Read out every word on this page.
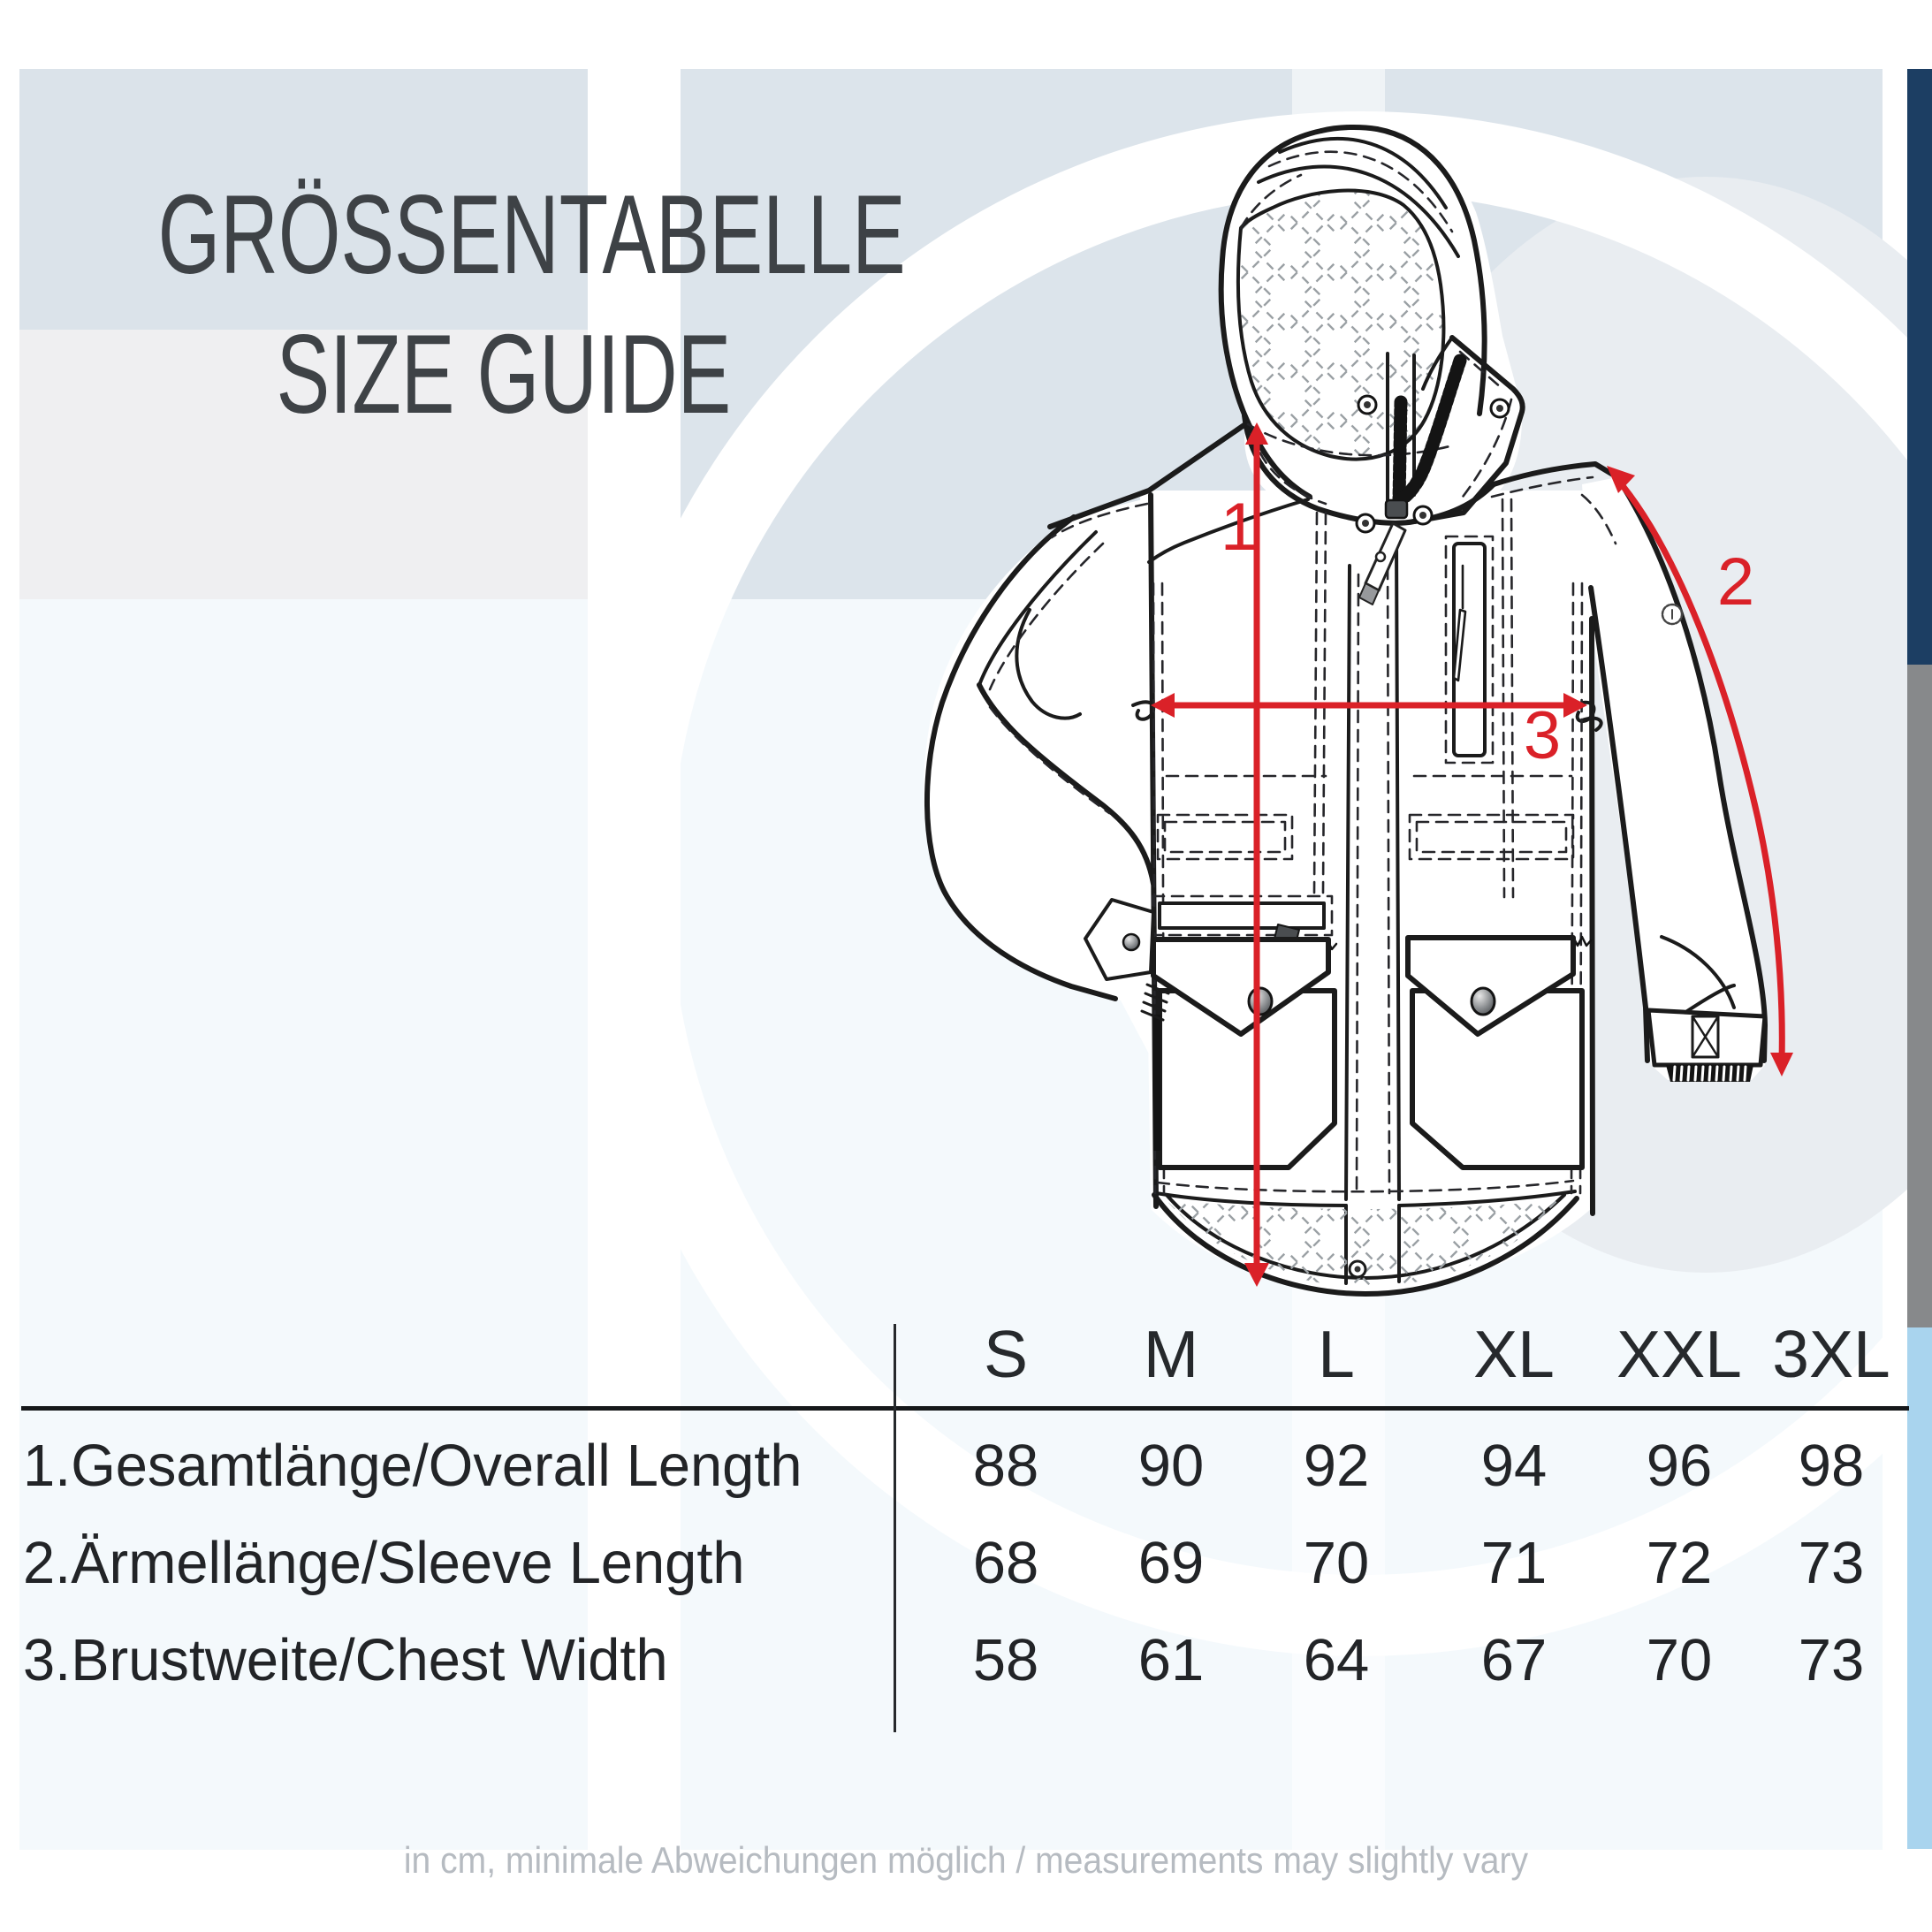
1
2
3
GRÖSSENTABELLE
SIZE GUIDE
S M L XL XXL 3XL
1.Gesamtlänge/Overall Length	88 90 92 94 96 98
2.Ärmellänge/Sleeve Length	68 69 70 71 72 73
3.Brustweite/Chest Width	58 61 64 67 70 73
in cm, minimale Abweichungen möglich / measurements may slightly vary
